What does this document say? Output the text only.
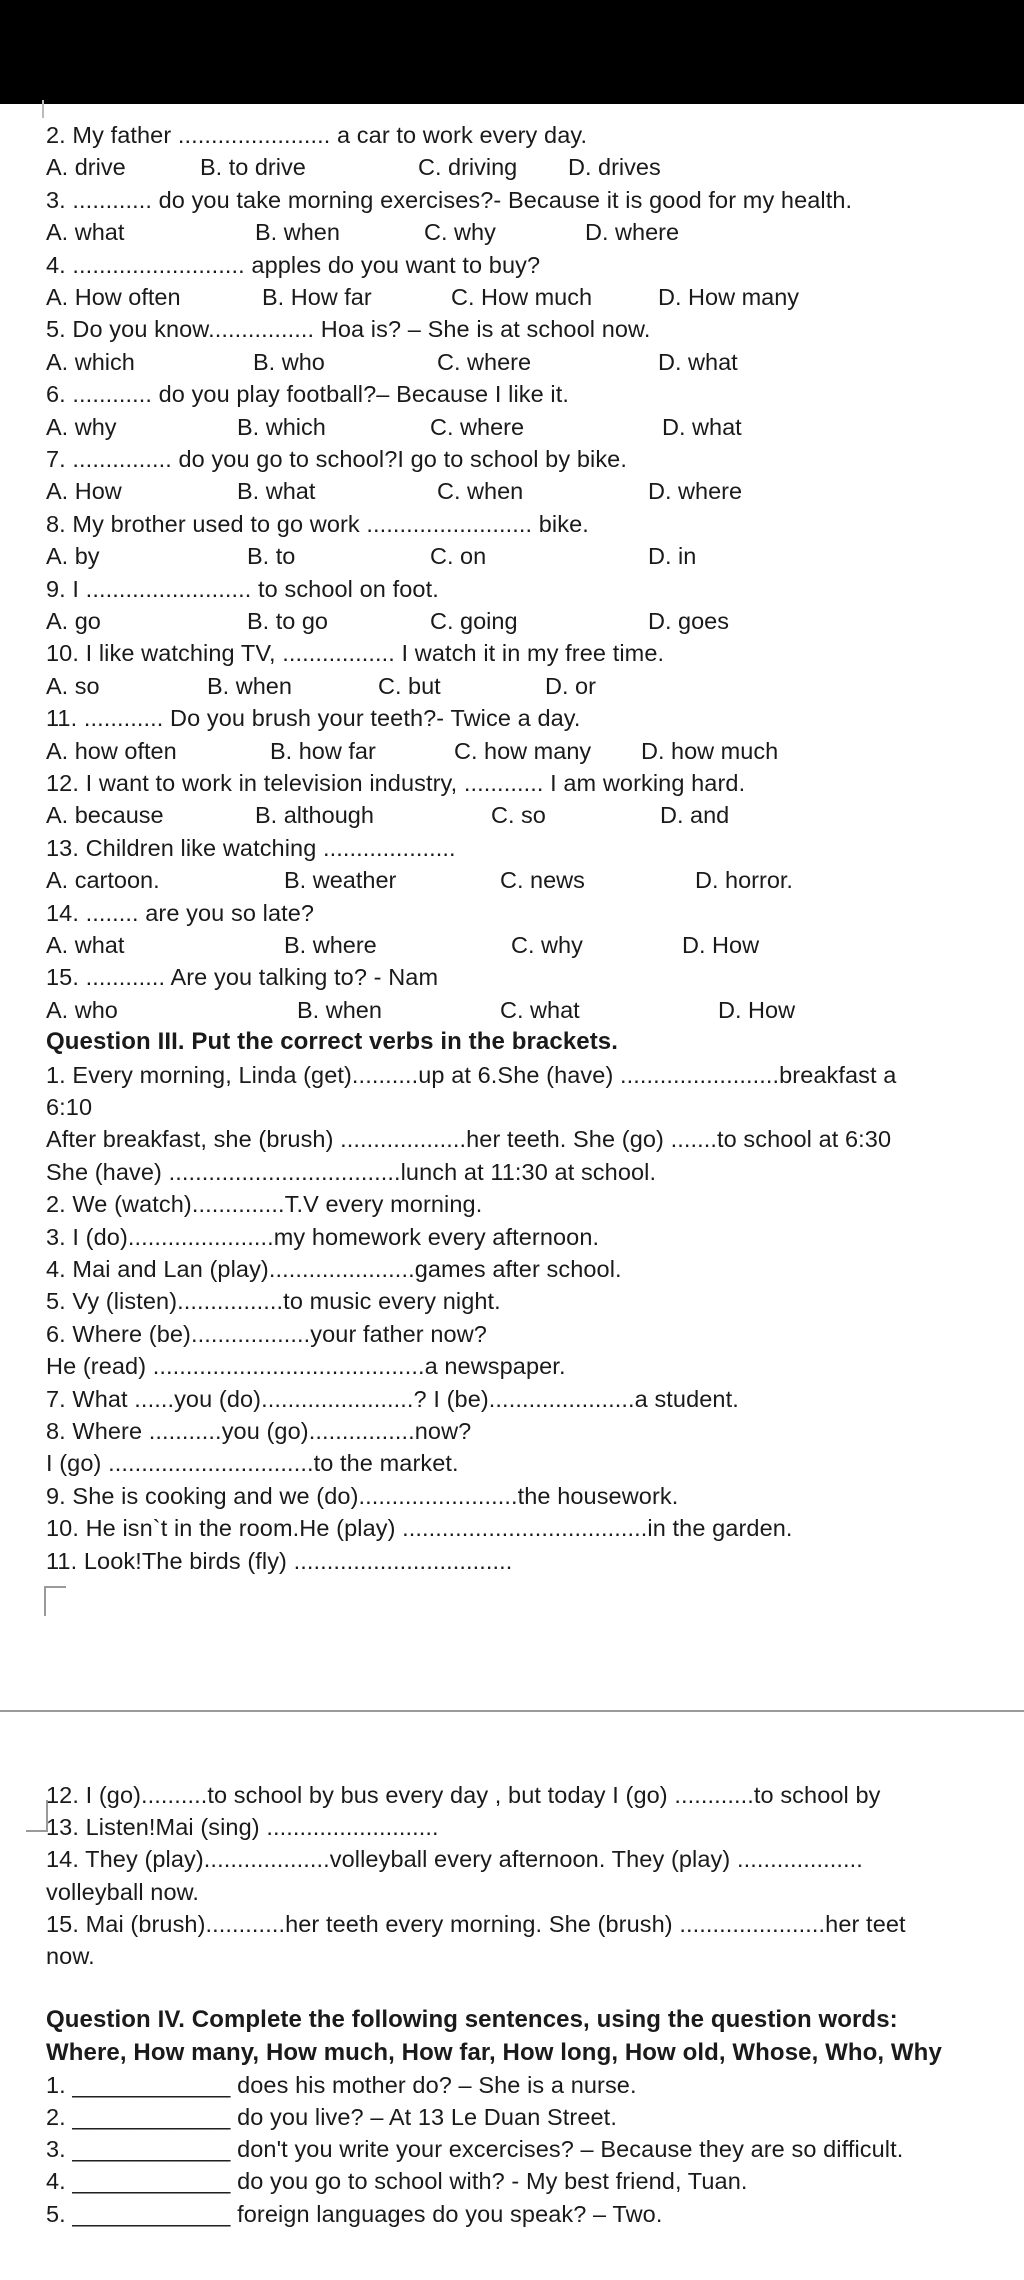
2. My father ....................... a car to work every day.
A. drive	B. to drive	C. driving D. drives
3. ............ do you take morning exercises?- Because it is good for my health.
A. what	B. when	C. why	D. where
4. .......................... apples do you want to buy?
A. How often	B. How far	C. How much	D. How many
5. Do you know................ Hoa is? – She is at school now.
A. which	B. who	C. where	D. what
6. ............ do you play football?– Because I like it.
A. why	B. which	C. where	D. what
7. ............... do you go to school?I go to school by bike.
A. How	B. what	C. when	D. where
8. My brother used to go work ......................... bike.
A. by	B. to	C. on	D. in
9. I ......................... to school on foot.
A. go	B. to go	C. going	D. goes
10. I like watching TV, ................. I watch it in my free time.
A. so	B. when	C. but	D. or
11. ............ Do you brush your teeth?- Twice a day.
A. how often	B. how far	C. how many D. how much
12. I want to work in television industry, ............ I am working hard.
A. because	B. although	C. so	D. and
13. Children like watching ....................
A. cartoon.	B. weather	C. news	D. horror.
14. ........ are you so late?
A. what	B. where	C. why	D. How
15. ............ Are you talking to? - Nam
A. who	B. when	C. what	D. How
Question III. Put the correct verbs in the brackets.
1. Every morning, Linda (get)..........up at 6.She (have) ........................breakfast a
6:10
After breakfast, she (brush) ...................her teeth. She (go) .......to school at 6:30
She (have) ...................................lunch at 11:30 at school.
2. We (watch)..............T.V every morning.
3. I (do)......................my homework every afternoon.
4. Mai and Lan (play)......................games after school.
5. Vy (listen)................to music every night.
6. Where (be)..................your father now?
He (read) .........................................a newspaper.
7. What ......you (do).......................? I (be)......................a student.
8. Where ...........you (go)................now?
I (go) ...............................to the market.
9. She is cooking and we (do)........................the housework.
10. He isn`t in the room.He (play) .....................................in the garden.
11. Look!The birds (fly) .................................
12. I (go)..........to school by bus every day , but today I (go) ............to school by
13. Listen!Mai (sing) ..........................
14. They (play)...................volleyball every afternoon. They (play) ...................
volleyball now.
15. Mai (brush)............her teeth every morning. She (brush) ......................her teet
now.
Question IV. Complete the following sentences, using the question words:
Where, How many, How much, How far, How long, How old, Whose, Who, Why
1. ____________ does his mother do? – She is a nurse.
2. ____________ do you live? – At 13 Le Duan Street.
3. ____________ don't you write your excercises? – Because they are so difficult.
4. ____________ do you go to school with? - My best friend, Tuan.
5. ____________ foreign languages do you speak? – Two.
